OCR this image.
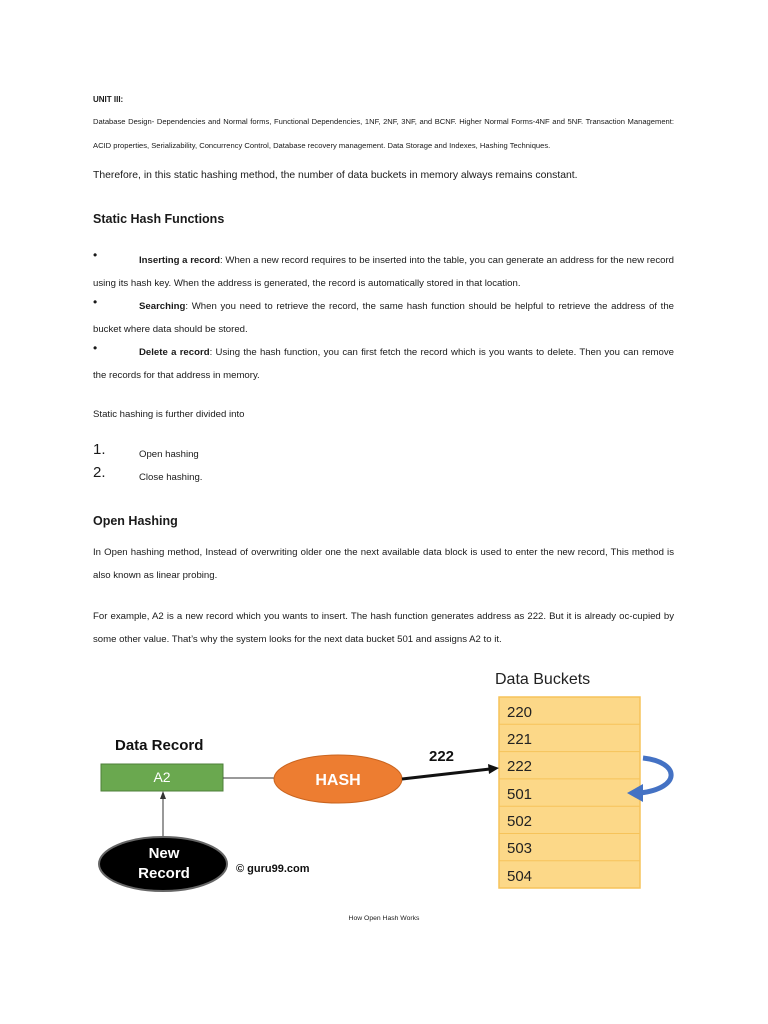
UNIT III:
Database Design- Dependencies and Normal forms, Functional Dependencies, 1NF, 2NF, 3NF, and BCNF. Higher Normal Forms-4NF and 5NF. Transaction Management: ACID properties, Serializability, Concurrency Control, Database recovery management. Data Storage and Indexes, Hashing Techniques.
Therefore, in this static hashing method, the number of data buckets in memory always remains constant.
Static Hash Functions
•	Inserting a record: When a new record requires to be inserted into the table, you can generate an address for the new record using its hash key. When the address is generated, the record is automatically stored in that location.
•	Searching: When you need to retrieve the record, the same hash function should be helpful to retrieve the address of the bucket where data should be stored.
•	Delete a record: Using the hash function, you can first fetch the record which is you wants to delete. Then you can remove the records for that address in memory.
Static hashing is further divided into
1.	Open hashing
2.	Close hashing.
Open Hashing
In Open hashing method, Instead of overwriting older one the next available data block is used to enter the new record, This method is also known as linear probing.
For example, A2 is a new record which you wants to insert. The hash function generates address as 222. But it is already oc-cupied by some other value. That’s why the system looks for the next data bucket 501 and assigns A2 to it.
Data Buckets
220
221
222
501
502
503
504
Data Record
A2	HASH
222
New
Record	© guru99.com
How Open Hash Works
